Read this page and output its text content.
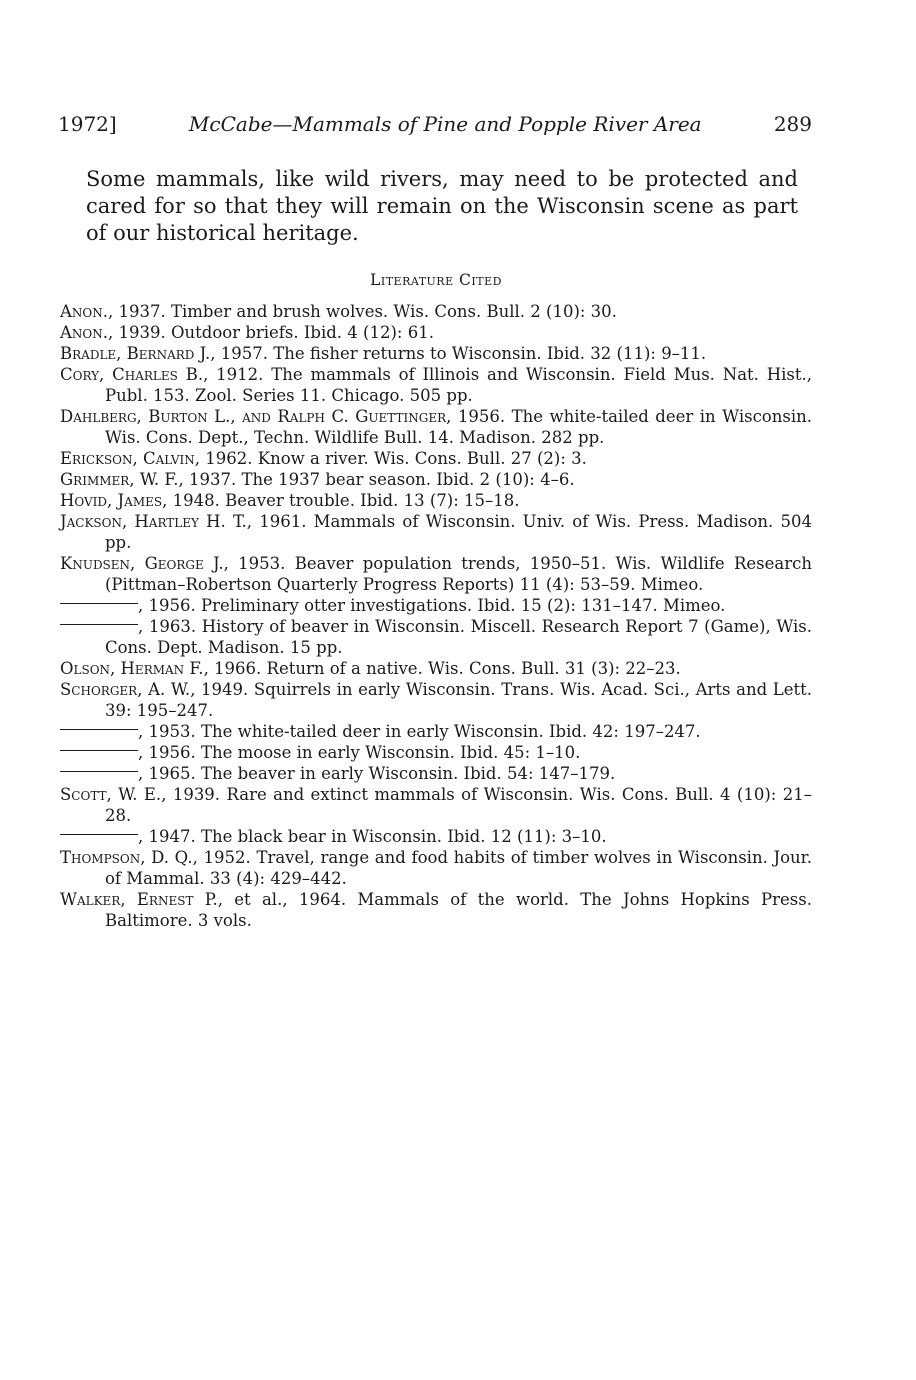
1972]	McCabe—Mammals of Pine and Popple River Area	289

Some mammals, like wild rivers, may need to be protected and cared for so that they will remain on the Wisconsin scene as part of our historical heritage.

Literature Cited

Anon., 1937. Timber and brush wolves. Wis. Cons. Bull. 2 (10): 30.

Anon., 1939. Outdoor briefs. Ibid. 4 (12): 61.

Bradle, Bernard J., 1957. The fisher returns to Wisconsin. Ibid. 32 (11): 9–11.

Cory, Charles B., 1912. The mammals of Illinois and Wisconsin. Field Mus. Nat. Hist., Publ. 153. Zool. Series 11. Chicago. 505 pp.

Dahlberg, Burton L., and Ralph C. Guettinger, 1956. The white-tailed deer in Wisconsin. Wis. Cons. Dept., Techn. Wildlife Bull. 14. Madison. 282 pp.

Erickson, Calvin, 1962. Know a river. Wis. Cons. Bull. 27 (2): 3.

Grimmer, W. F., 1937. The 1937 bear season. Ibid. 2 (10): 4–6.

Hovid, James, 1948. Beaver trouble. Ibid. 13 (7): 15–18.

Jackson, Hartley H. T., 1961. Mammals of Wisconsin. Univ. of Wis. Press. Madison. 504 pp.

Knudsen, George J., 1953. Beaver population trends, 1950–51. Wis. Wildlife Research (Pittman–Robertson Quarterly Progress Reports) 11 (4): 53–59. Mimeo.

, 1956. Preliminary otter investigations. Ibid. 15 (2): 131–147. Mimeo.

, 1963. History of beaver in Wisconsin. Miscell. Research Report 7 (Game), Wis. Cons. Dept. Madison. 15 pp.

Olson, Herman F., 1966. Return of a native. Wis. Cons. Bull. 31 (3): 22–23.

Schorger, A. W., 1949. Squirrels in early Wisconsin. Trans. Wis. Acad. Sci., Arts and Lett. 39: 195–247.

, 1953. The white-tailed deer in early Wisconsin. Ibid. 42: 197–247.

, 1956. The moose in early Wisconsin. Ibid. 45: 1–10.

, 1965. The beaver in early Wisconsin. Ibid. 54: 147–179.

Scott, W. E., 1939. Rare and extinct mammals of Wisconsin. Wis. Cons. Bull. 4 (10): 21–28.

, 1947. The black bear in Wisconsin. Ibid. 12 (11): 3–10.

Thompson, D. Q., 1952. Travel, range and food habits of timber wolves in Wisconsin. Jour. of Mammal. 33 (4): 429–442.

Walker, Ernest P., et al., 1964. Mammals of the world. The Johns Hopkins Press. Baltimore. 3 vols.
